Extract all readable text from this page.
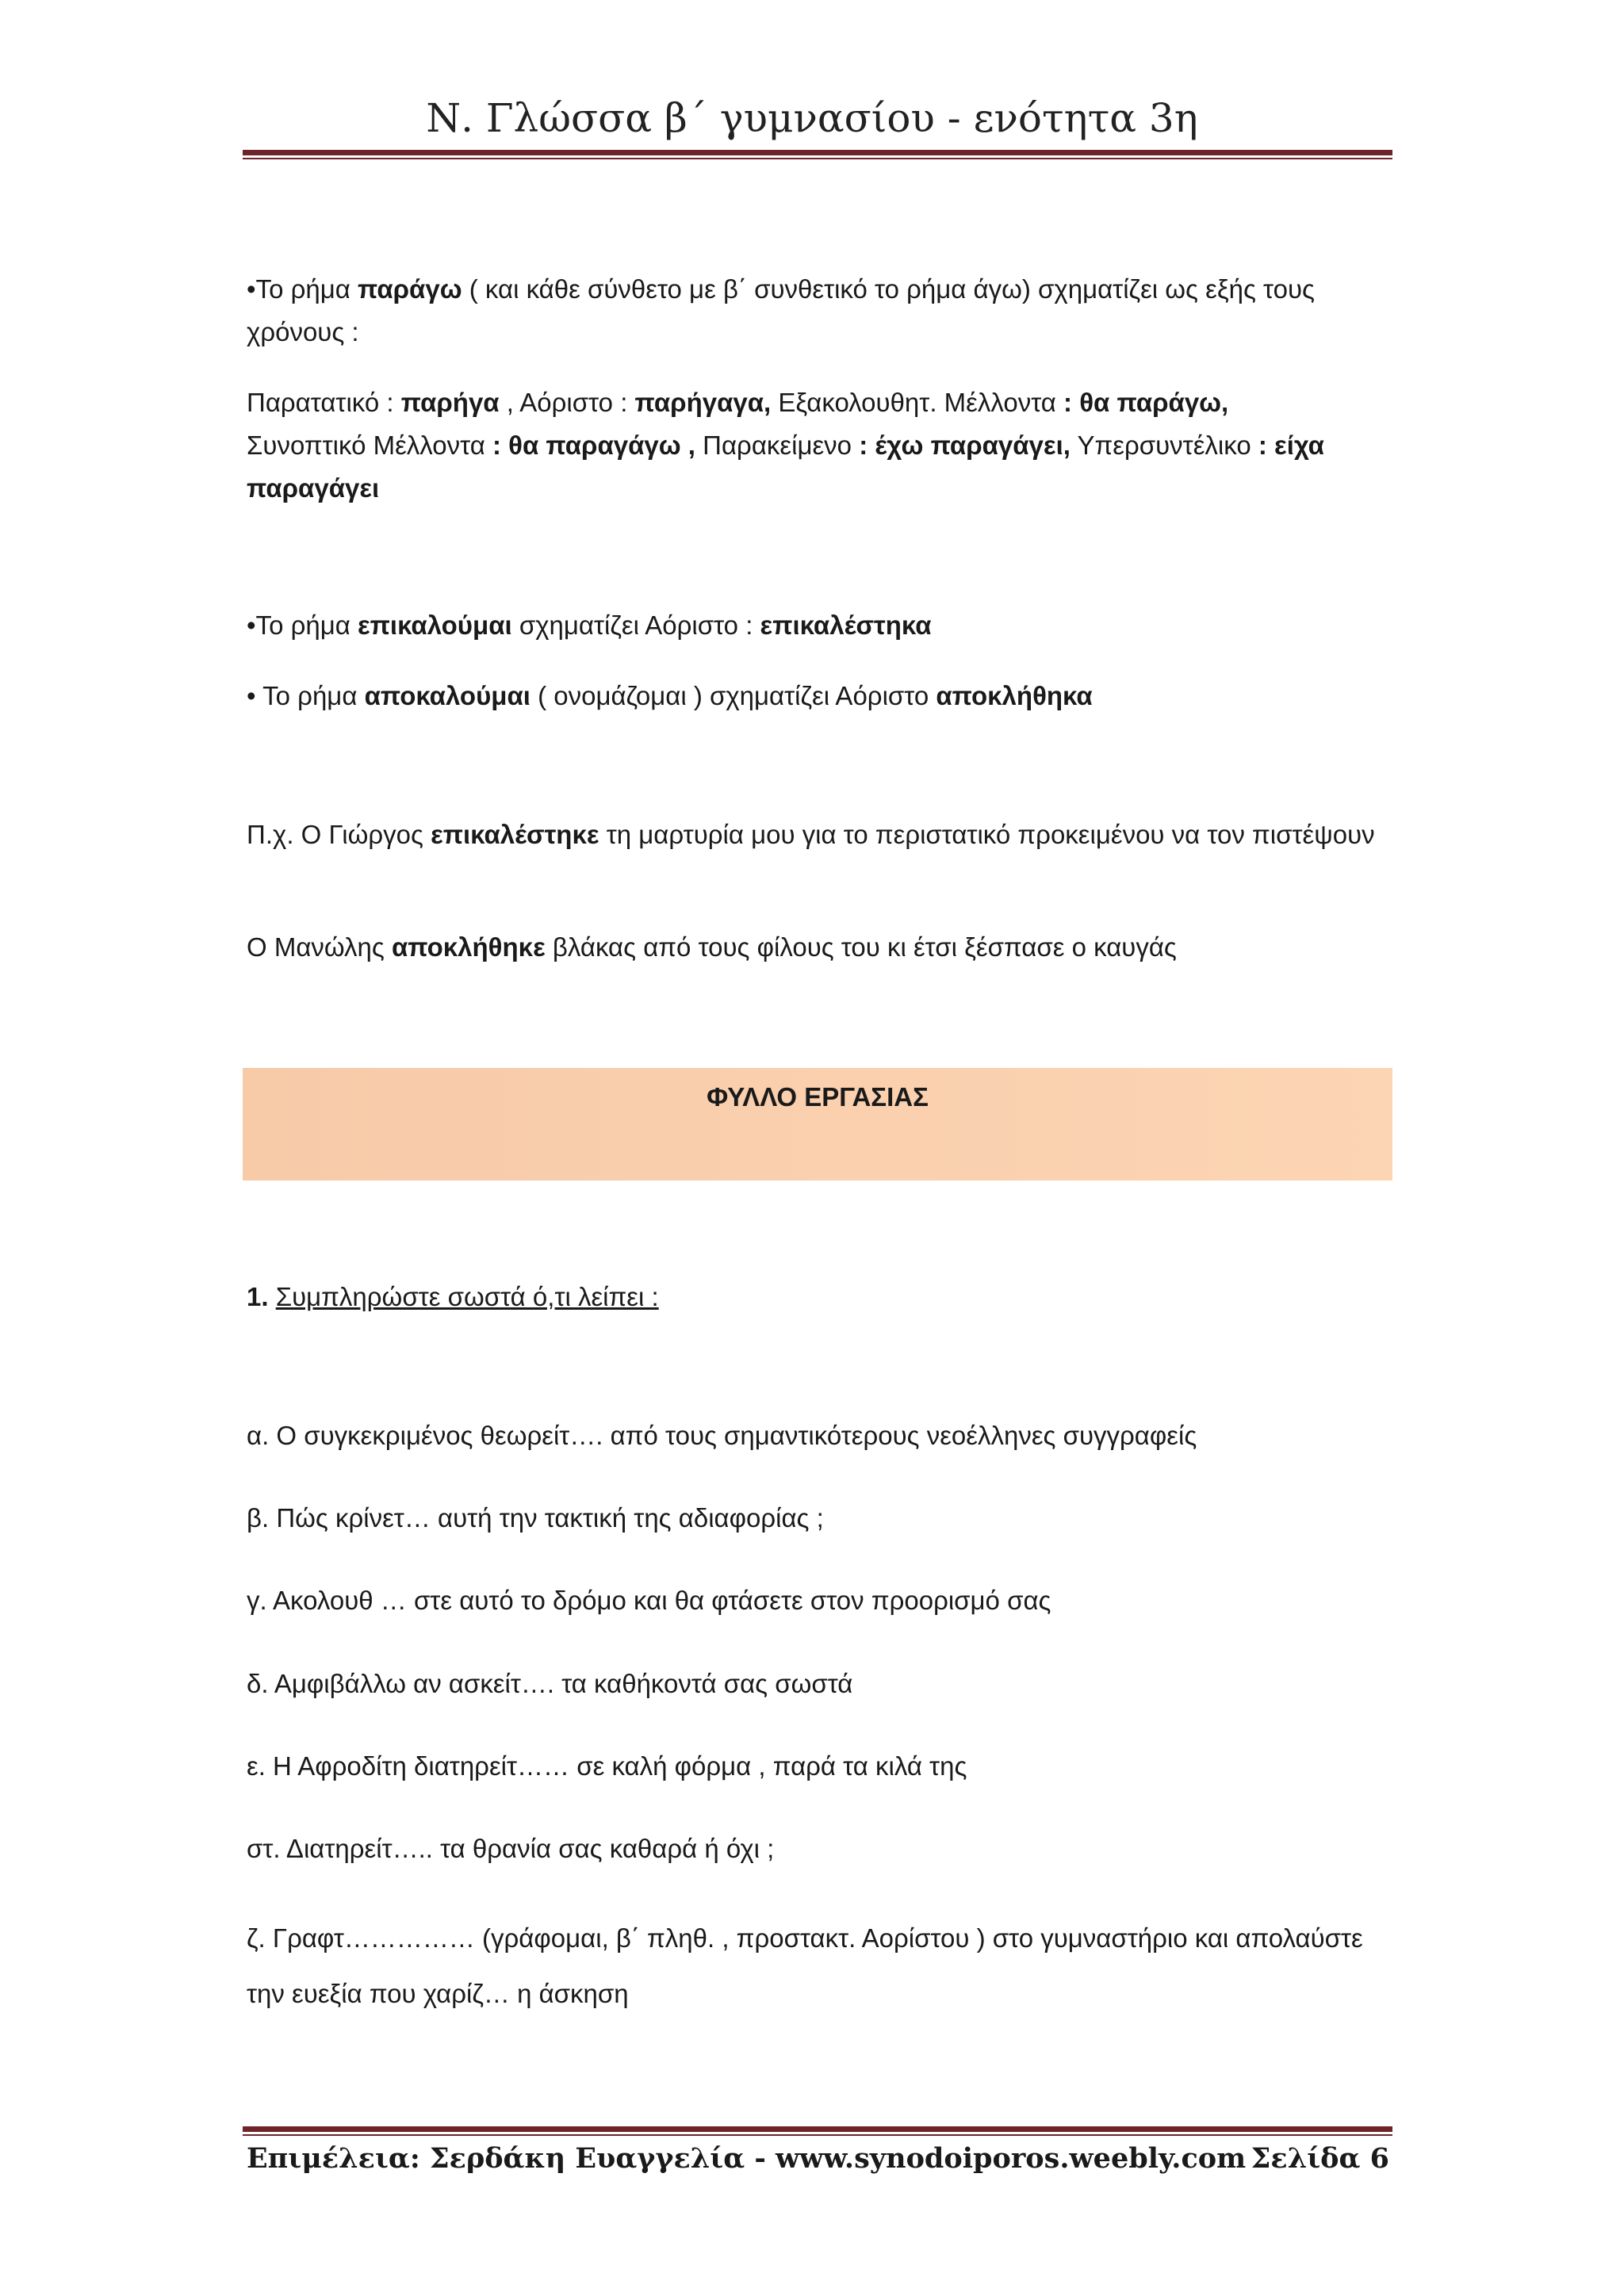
Ν. Γλώσσα β΄ γυμνασίου - ενότητα 3η
•Το ρήμα παράγω ( και κάθε σύνθετο με β΄ συνθετικό το ρήμα άγω) σχηματίζει ως εξής τους χρόνους :
Παρατατικό : παρήγα , Αόριστο : παρήγαγα, Εξακολουθητ. Μέλλοντα : θα παράγω,
Συνοπτικό Μέλλοντα : θα παραγάγω , Παρακείμενο : έχω παραγάγει, Υπερσυντέλικο : είχα παραγάγει
•Το ρήμα επικαλούμαι σχηματίζει Αόριστο : επικαλέστηκα
• Το ρήμα αποκαλούμαι ( ονομάζομαι ) σχηματίζει Αόριστο αποκλήθηκα
Π.χ. Ο Γιώργος επικαλέστηκε τη μαρτυρία μου για το περιστατικό προκειμένου να τον πιστέψουν
Ο Μανώλης αποκλήθηκε βλάκας από τους φίλους του κι έτσι ξέσπασε ο καυγάς
ΦΥΛΛΟ ΕΡΓΑΣΙΑΣ
1. Συμπληρώστε σωστά ό,τι λείπει :
α. Ο συγκεκριμένος θεωρείτ…. από τους σημαντικότερους νεοέλληνες συγγραφείς
β. Πώς κρίνετ… αυτή την τακτική της αδιαφορίας ;
γ. Ακολουθ … στε αυτό το δρόμο και θα φτάσετε στον προορισμό σας
δ. Αμφιβάλλω αν ασκείτ…. τα καθήκοντά σας σωστά
ε. Η Αφροδίτη διατηρείτ…… σε καλή φόρμα , παρά τα κιλά της
στ. Διατηρείτ….. τα θρανία σας καθαρά ή όχι ;
ζ. Γραφτ…………… (γράφομαι, β΄ πληθ. , προστακτ. Αορίστου ) στο γυμναστήριο και απολαύστε την ευεξία που χαρίζ… η άσκηση
Επιμέλεια: Σερδάκη Ευαγγελία - www.synodoiporos.weebly.com Σελίδα 6
